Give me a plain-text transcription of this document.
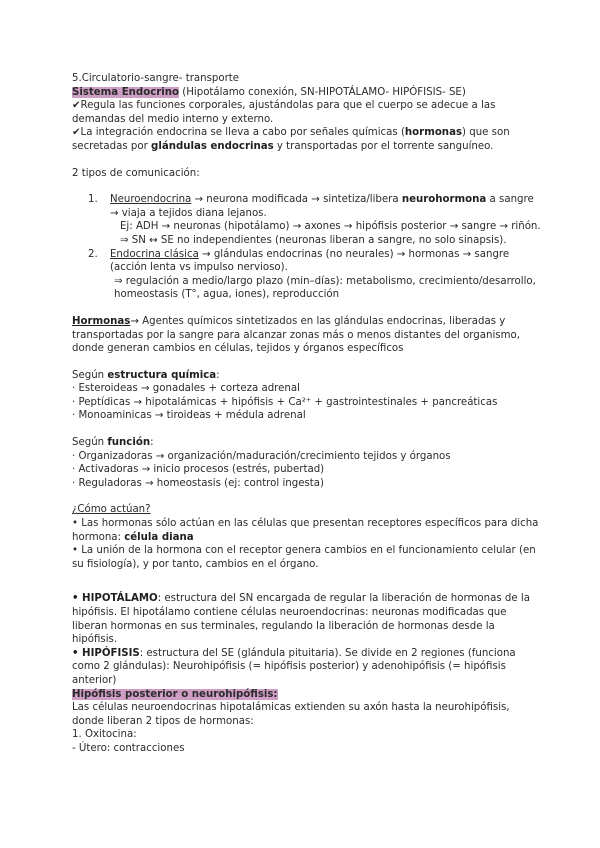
5.Circulatorio-sangre- transporte

Sistema Endocrino (Hipotálamo conexión, SN-HIPOTÁLAMO- HIPÓFISIS- SE)

✔Regula las funciones corporales, ajustándolas para que el cuerpo se adecue a las demandas del medio interno y externo.

✔La integración endocrina se lleva a cabo por señales químicas (hormonas) que son secretadas por glándulas endocrinas y transportadas por el torrente sanguíneo.

2 tipos de comunicación:

1. Neuroendocrina → neurona modificada → sintetiza/libera neurohormona a sangre → viaja a tejidos diana lejanos.

Ej: ADH → neuronas (hipotálamo) → axones → hipófisis posterior → sangre → riñón.

⇒ SN ↔ SE no independientes (neuronas liberan a sangre, no solo sinapsis).

2. Endocrina clásica → glándulas endocrinas (no neurales) → hormonas → sangre (acción lenta vs impulso nervioso).

⇒ regulación a medio/largo plazo (min–días): metabolismo, crecimiento/desarrollo, homeostasis (T°, agua, iones), reproducción

Hormonas→ Agentes químicos sintetizados en las glándulas endocrinas, liberadas y transportadas por la sangre para alcanzar zonas más o menos distantes del organismo, donde generan cambios en células, tejidos y órganos específicos

Según estructura química:

· Esteroideas → gonadales + corteza adrenal

· Peptídicas → hipotalámicas + hipófisis + Ca²⁺ + gastrointestinales + pancreáticas

· Monoaminicas → tiroideas + médula adrenal

Según función:

· Organizadoras → organización/maduración/crecimiento tejidos y órganos

· Activadoras → inicio procesos (estrés, pubertad)

· Reguladoras → homeostasis (ej: control ingesta)

¿Cómo actúan?

• Las hormonas sólo actúan en las células que presentan receptores específicos para dicha hormona: célula diana

• La unión de la hormona con el receptor genera cambios en el funcionamiento celular (en su fisiología), y por tanto, cambios en el órgano.

• HIPOTÁLAMO: estructura del SN encargada de regular la liberación de hormonas de la hipófisis. El hipotálamo contiene células neuroendocrinas: neuronas modificadas que liberan hormonas en sus terminales, regulando la liberación de hormonas desde la hipófisis.

• HIPÓFISIS: estructura del SE (glándula pituitaria). Se divide en 2 regiones (funciona como 2 glándulas): Neurohipófisis (= hipófisis posterior) y adenohipófisis (= hipófisis anterior)

Hipófisis posterior o neurohipófisis:

Las células neuroendocrinas hipotalámicas extienden su axón hasta la neurohipófisis, donde liberan 2 tipos de hormonas:

1. Oxitocina:

- Útero: contracciones
